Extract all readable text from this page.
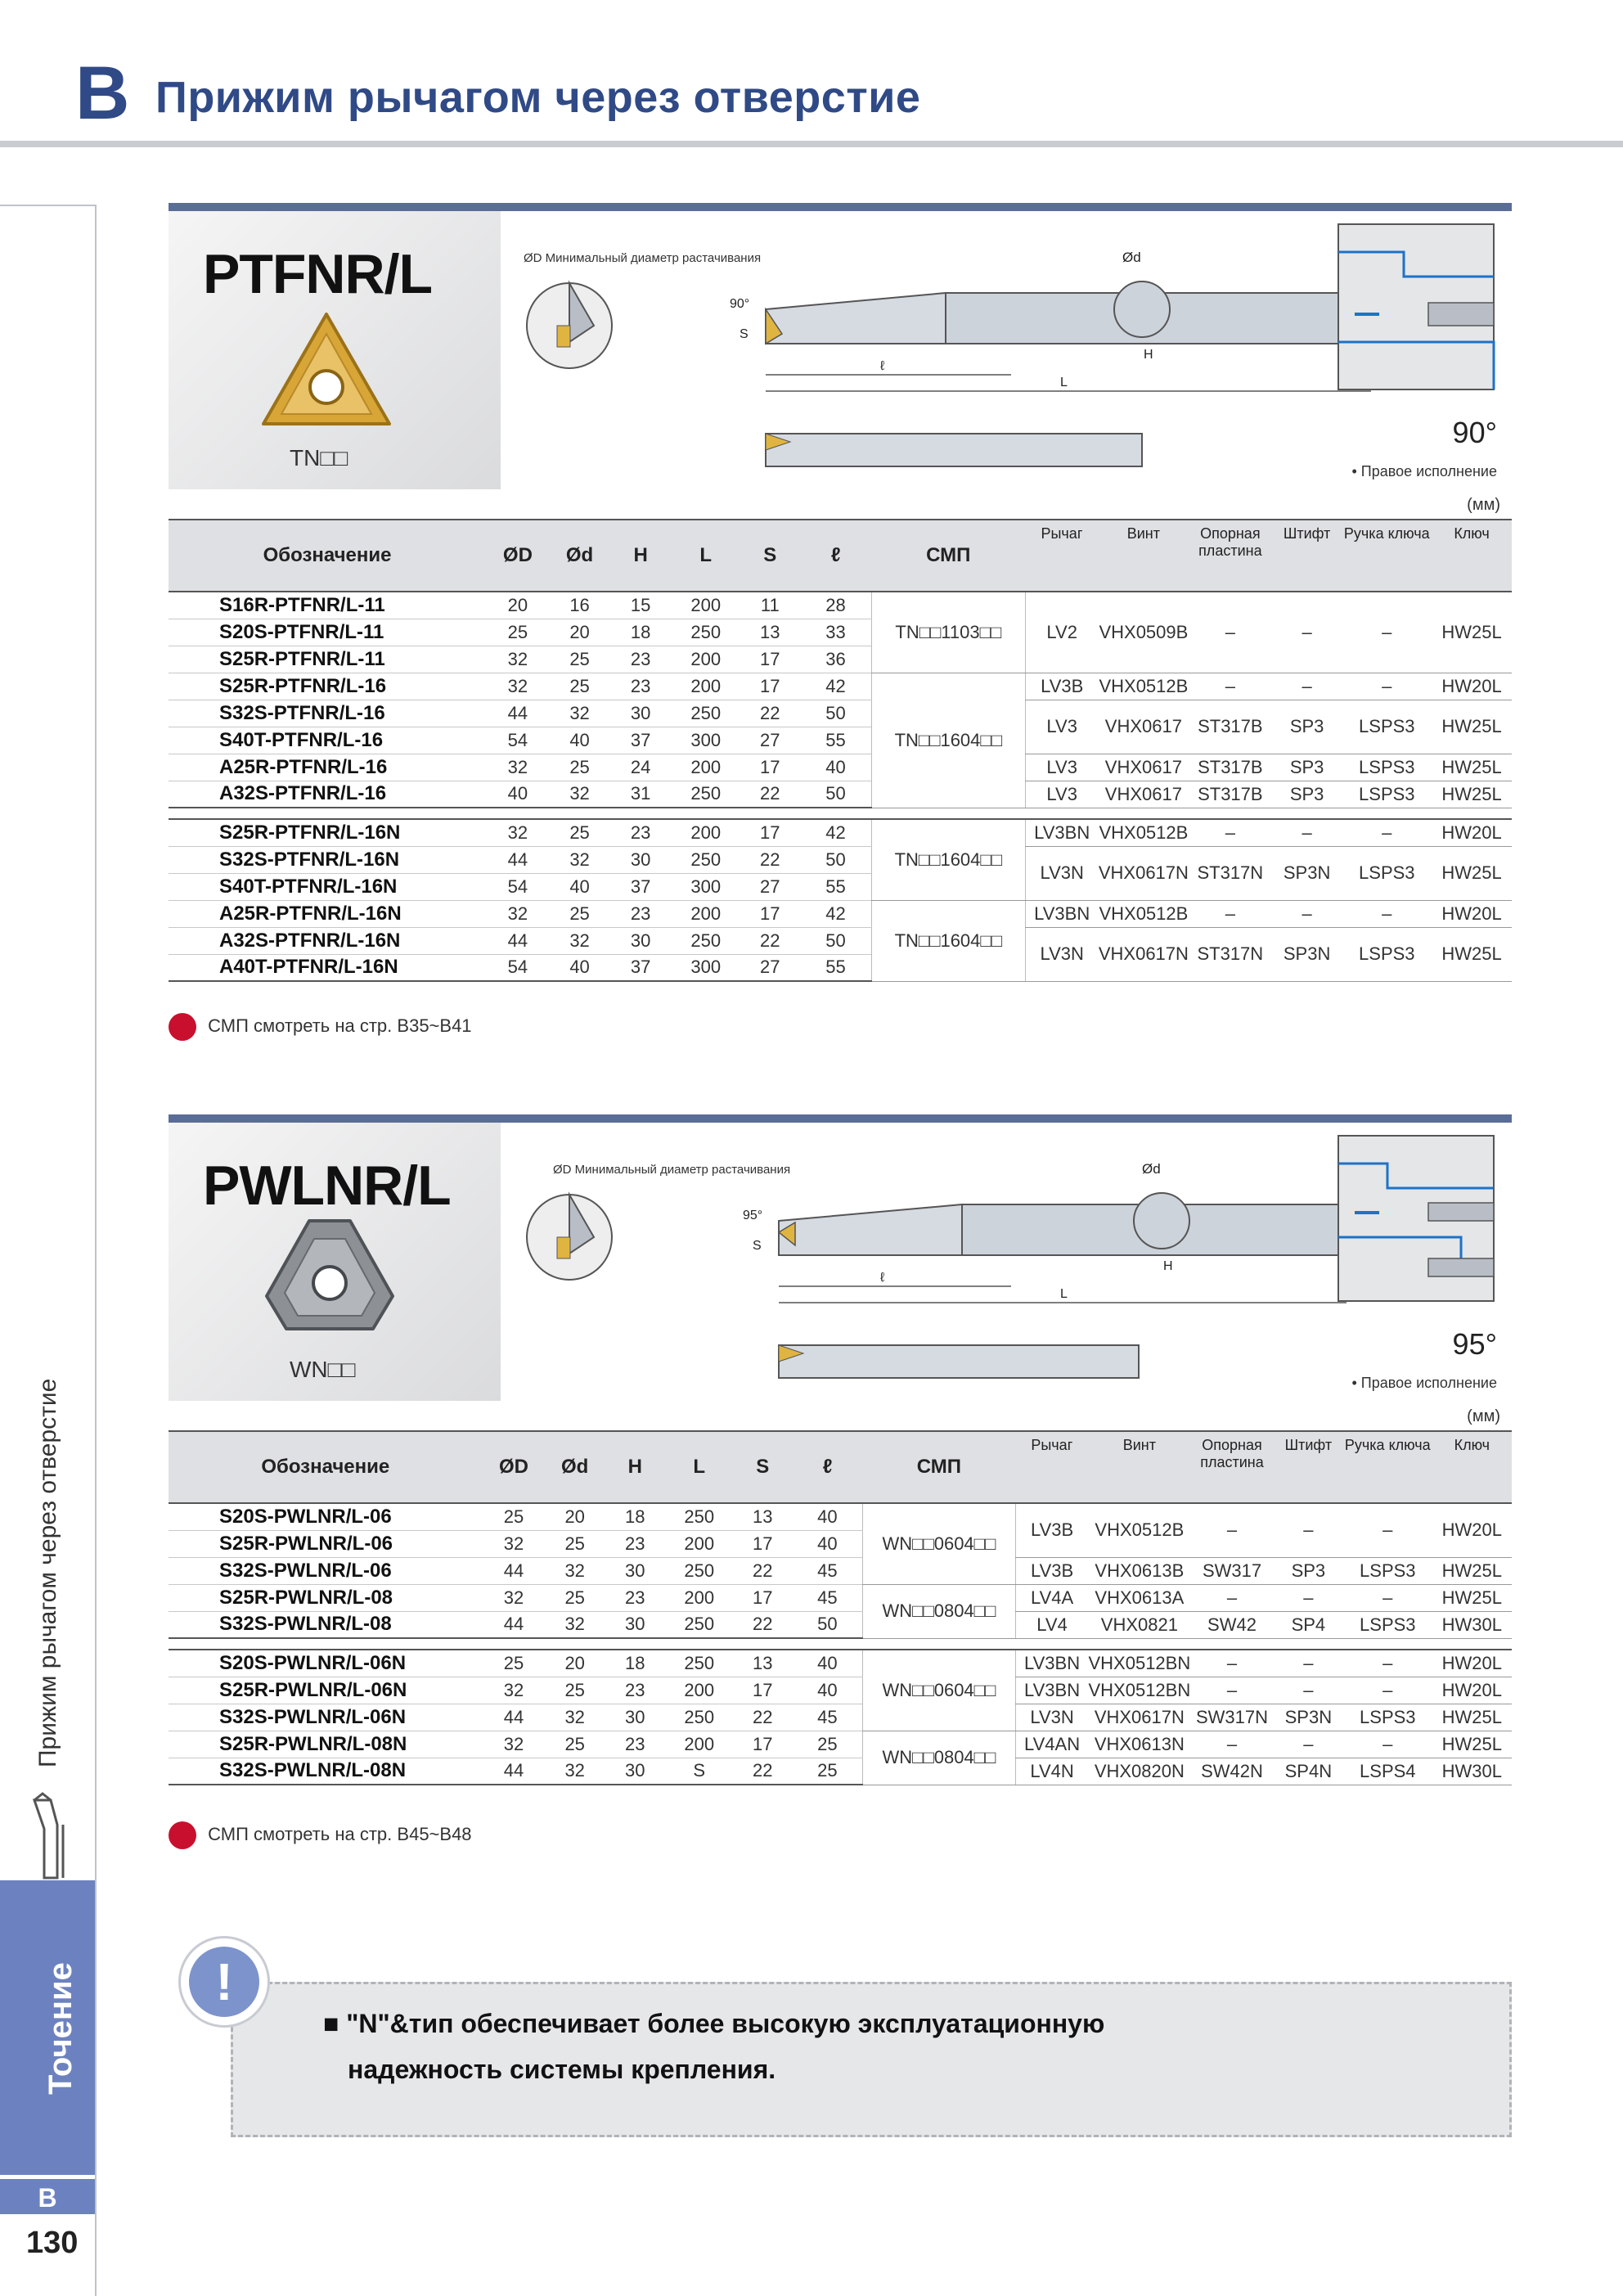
B Прижим рычагом через отверстие
Прижим рычагом через отверстие
Точение
B
130
PTFNR/L
TN□□
ØD Минимальный диаметр растачивания
90°
S
ℓ
L
Ød
H
90°
• Правое исполнение
(мм)
Обозначение	ØD	Ød	H	L	S	ℓ	СМП	Рычаг	Винт	Опорная пластина	Штифт	Ручка ключа	Ключ
S16R-PTFNR/L-11	20	16	15	200	11	28	TN□□1103□□	LV2	VHX0509B	–	–	–	HW25L
S20S-PTFNR/L-11	25	20	18	250	13	33							
S25R-PTFNR/L-11	32	25	23	200	17	36							
S25R-PTFNR/L-16	32	25	23	200	17	42	TN□□1604□□	LV3B	VHX0512B	–	–	–	HW20L
S32S-PTFNR/L-16	44	32	30	250	22	50		LV3	VHX0617	ST317B	SP3	LSPS3	HW25L
S40T-PTFNR/L-16	54	40	37	300	27	55							
A25R-PTFNR/L-16	32	25	24	200	17	40		LV3	VHX0617	ST317B	SP3	LSPS3	HW25L
A32S-PTFNR/L-16	40	32	31	250	22	50		LV3	VHX0617	ST317B	SP3	LSPS3	HW25L

S25R-PTFNR/L-16N	32	25	23	200	17	42	TN□□1604□□	LV3BN	VHX0512B	–	–	–	HW20L
S32S-PTFNR/L-16N	44	32	30	250	22	50		LV3N	VHX0617N	ST317N	SP3N	LSPS3	HW25L
S40T-PTFNR/L-16N	54	40	37	300	27	55							
A25R-PTFNR/L-16N	32	25	23	200	17	42	TN□□1604□□	LV3BN	VHX0512B	–	–	–	HW20L
A32S-PTFNR/L-16N	44	32	30	250	22	50		LV3N	VHX0617N	ST317N	SP3N	LSPS3	HW25L
A40T-PTFNR/L-16N	54	40	37	300	27	55							
СМП смотреть на стр. B35~B41
PWLNR/L
WN□□
ØD Минимальный диаметр растачивания
95°
S
ℓ
L
Ød
H
95°
• Правое исполнение
(мм)
Обозначение	ØD	Ød	H	L	S	ℓ	СМП	Рычаг	Винт	Опорная пластина	Штифт	Ручка ключа	Ключ
S20S-PWLNR/L-06	25	20	18	250	13	40	WN□□0604□□	LV3B	VHX0512B	–	–	–	HW20L
S25R-PWLNR/L-06	32	25	23	200	17	40							
S32S-PWLNR/L-06	44	32	30	250	22	45		LV3B	VHX0613B	SW317	SP3	LSPS3	HW25L
S25R-PWLNR/L-08	32	25	23	200	17	45	WN□□0804□□	LV4A	VHX0613A	–	–	–	HW25L
S32S-PWLNR/L-08	44	32	30	250	22	50		LV4	VHX0821	SW42	SP4	LSPS3	HW30L

S20S-PWLNR/L-06N	25	20	18	250	13	40	WN□□0604□□	LV3BN	VHX0512BN	–	–	–	HW20L
S25R-PWLNR/L-06N	32	25	23	200	17	40		LV3BN	VHX0512BN	–	–	–	HW20L
S32S-PWLNR/L-06N	44	32	30	250	22	45		LV3N	VHX0617N	SW317N	SP3N	LSPS3	HW25L
S25R-PWLNR/L-08N	32	25	23	200	17	25	WN□□0804□□	LV4AN	VHX0613N	–	–	–	HW25L
S32S-PWLNR/L-08N	44	32	30	S	22	25		LV4N	VHX0820N	SW42N	SP4N	LSPS4	HW30L
СМП смотреть на стр. B45~B48
■ "N"&тип обеспечивает более высокую эксплуатационную
надежность системы крепления.
!
